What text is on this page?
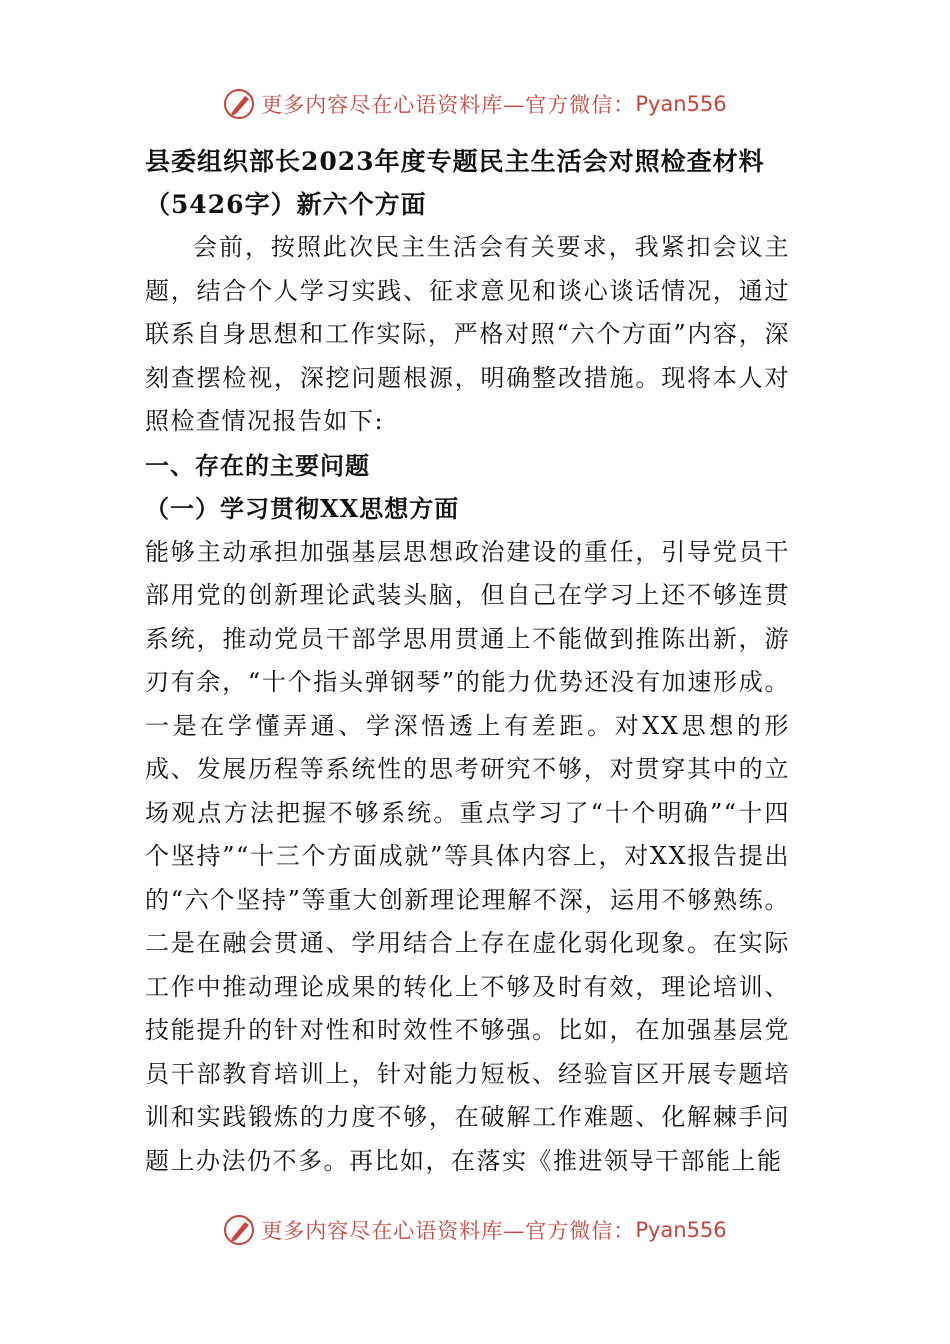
更多内容尽在心语资料库—官方微信： Pyan556
县委组织部长2023年度专题民主生活会对照检查材料
（5426字）新六个方面
会前，按照此次民主生活会有关要求，我紧扣会议主题，结合个人学习实践、征求意见和谈心谈话情况，通过联系自身思想和工作实际，严格对照“六个方面”内容，深刻查摆检视，深挖问题根源，明确整改措施。现将本人对照检查情况报告如下:
一、存在的主要问题
（一）学习贯彻XX思想方面
能够主动承担加强基层思想政治建设的重任，引导党员干部用党的创新理论武装头脑，但自己在学习上还不够连贯系统，推动党员干部学思用贯通上不能做到推陈出新，游刃有余，“十个指头弹钢琴”的能力优势还没有加速形成。一是在学懂弄通、学深悟透上有差距。对XX思想的形成、发展历程等系统性的思考研究不够，对贯穿其中的立场观点方法把握不够系统。重点学习了“十个明确”“十四个坚持”“十三个方面成就”等具体内容上，对XX报告提出的“六个坚持”等重大创新理论理解不深，运用不够熟练。二是在融会贯通、学用结合上存在虚化弱化现象。在实际工作中推动理论成果的转化上不够及时有效，理论培训、技能提升的针对性和时效性不够强。比如，在加强基层党员干部教育培训上，针对能力短板、经验盲区开展专题培训和实践锻炼的力度不够，在破解工作难题、化解棘手问题上办法仍不多。再比如，在落实《推进领导干部能上能
更多内容尽在心语资料库—官方微信： Pyan556
